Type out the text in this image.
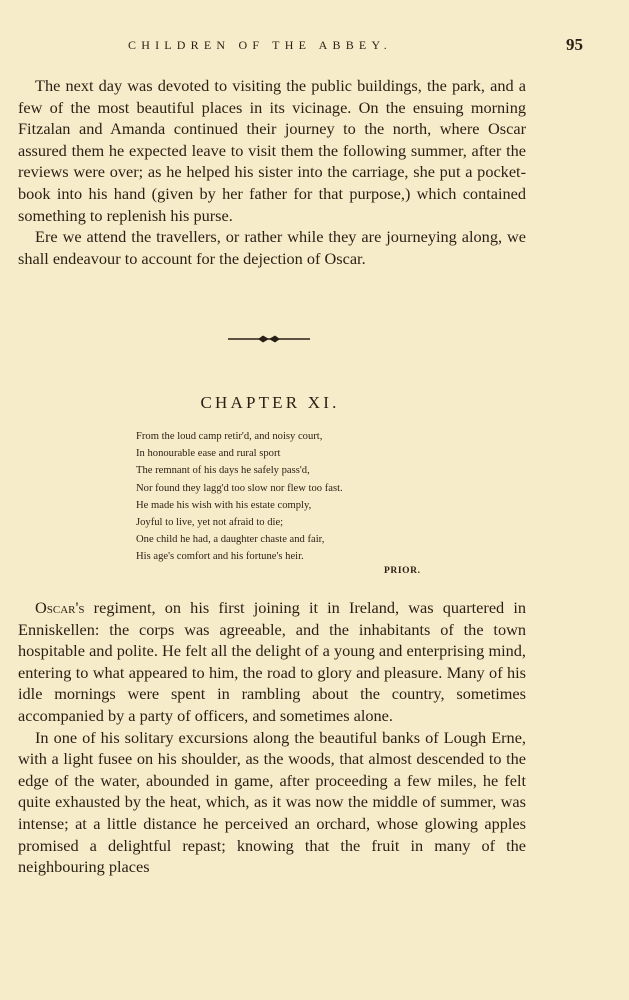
CHILDREN OF THE ABBEY.	95

The next day was devoted to visiting the public buildings, the park, and a few of the most beautiful places in its vicinage. On the ensuing morning Fitzalan and Amanda continued their journey to the north, where Oscar assured them he expected leave to visit them the following summer, after the reviews were over; as he helped his sister into the carriage, she put a pocket-book into his hand (given by her father for that purpose,) which contained something to replenish his purse.

Ere we attend the travellers, or rather while they are journeying along, we shall endeavour to account for the dejection of Oscar.

CHAPTER XI.
From the loud camp retir'd, and noisy court,
In honourable ease and rural sport
The remnant of his days he safely pass'd,
Nor found they lagg'd too slow nor flew too fast.
He made his wish with his estate comply,
Joyful to live, yet not afraid to die;
One child he had, a daughter chaste and fair,
His age's comfort and his fortune's heir.
PRIOR.

Oscar's regiment, on his first joining it in Ireland, was quartered in Enniskellen: the corps was agreeable, and the inhabitants of the town hospitable and polite. He felt all the delight of a young and enterprising mind, entering to what appeared to him, the road to glory and pleasure. Many of his idle mornings were spent in rambling about the country, sometimes accompanied by a party of officers, and sometimes alone.

In one of his solitary excursions along the beautiful banks of Lough Erne, with a light fusee on his shoulder, as the woods, that almost descended to the edge of the water, abounded in game, after proceeding a few miles, he felt quite exhausted by the heat, which, as it was now the middle of summer, was intense; at a little distance he perceived an orchard, whose glowing apples promised a delightful repast; knowing that the fruit in many of the neighbouring places
